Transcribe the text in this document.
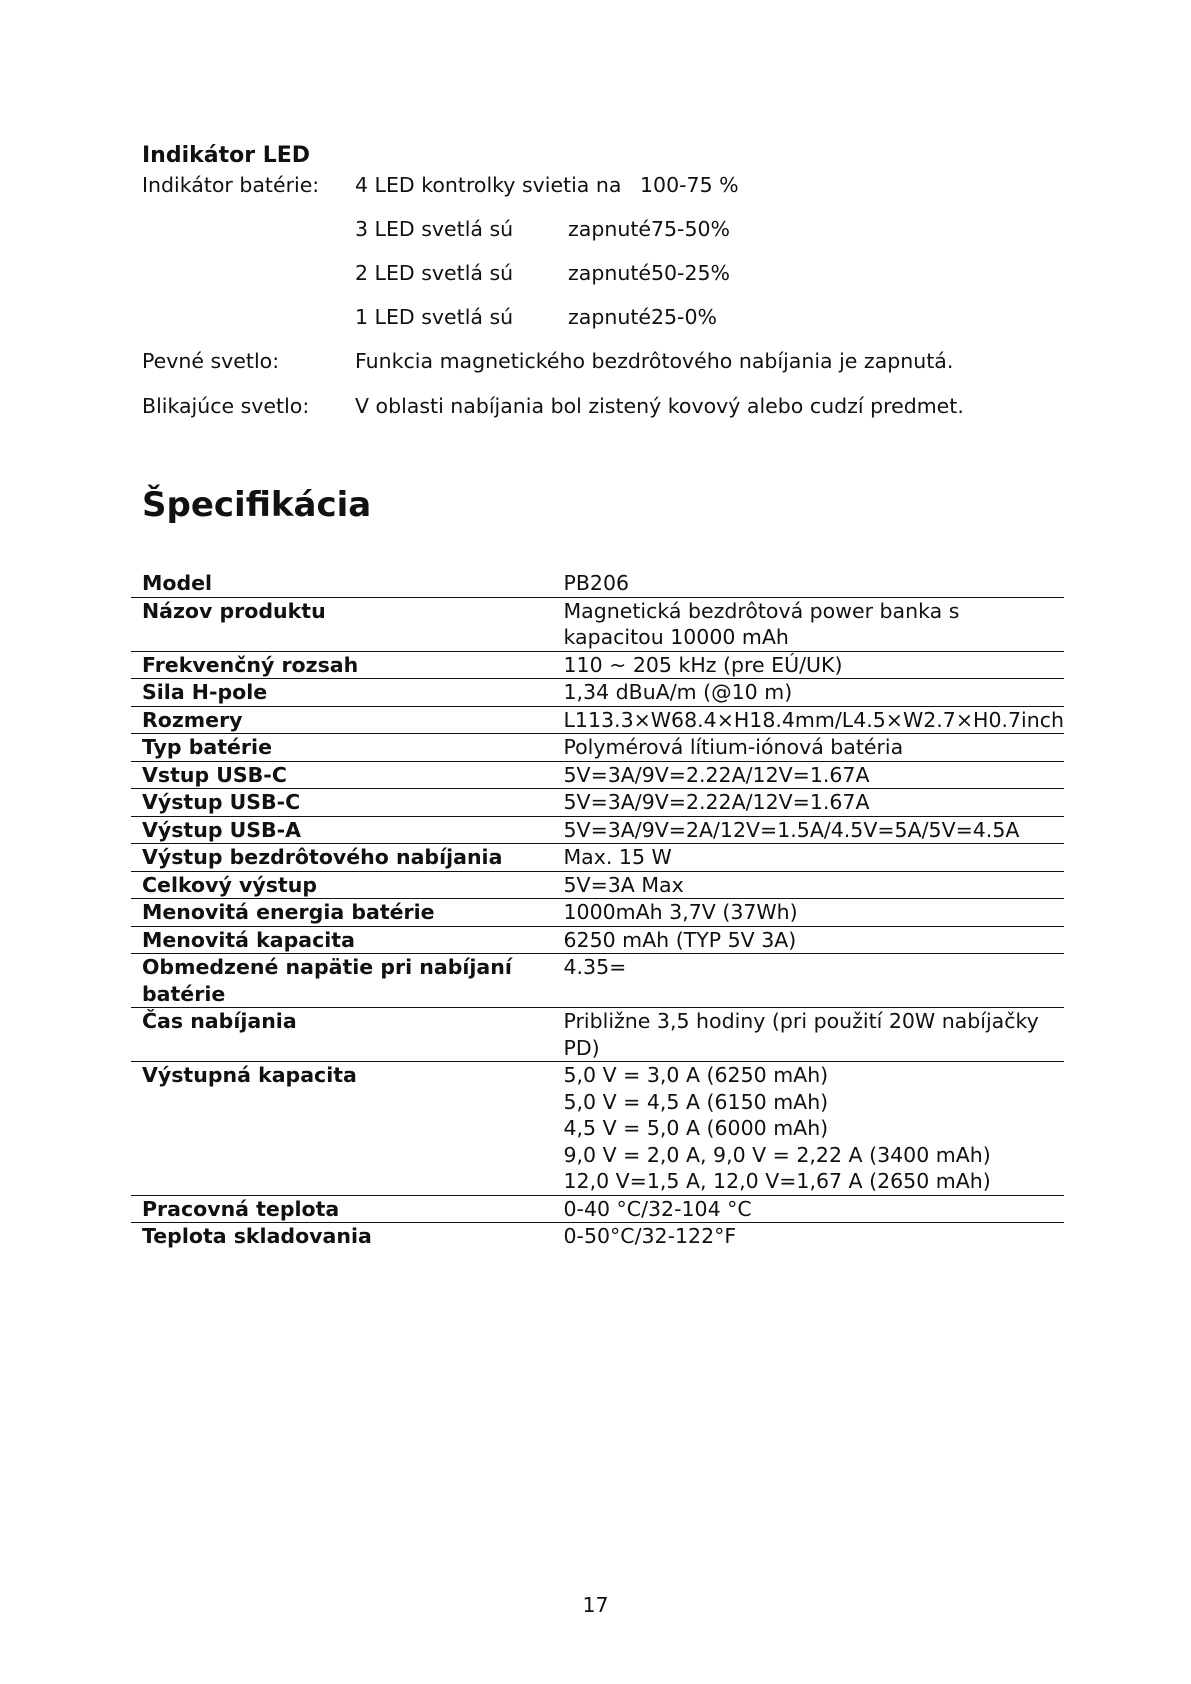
Indikátor LED
Indikátor batérie: 4 LED kontrolky svietia na 100-75 %
3 LED svetlá sú	zapnuté75-50%
2 LED svetlá sú	zapnuté50-25%
1 LED svetlá sú	zapnuté25-0%
Pevné svetlo:	Funkcia magnetického bezdrôtového nabíjania je zapnutá.
Blikajúce svetlo: V oblasti nabíjania bol zistený kovový alebo cudzí predmet.
Špecifikácia
Model	PB206
Názov produktu	Magnetická bezdrôtová power banka s
kapacitou 10000 mAh
Frekvenčný rozsah	110 ~ 205 kHz (pre EÚ/UK)
Sila H-pole	1,34 dBuA/m (@10 m)
Rozmery	L113.3×W68.4×H18.4mm/L4.5×W2.7×H0.7inch
Typ batérie	Polymérová lítium-iónová batéria
Vstup USB-C	5V=3A/9V=2.22A/12V=1.67A
Výstup USB-C	5V=3A/9V=2.22A/12V=1.67A
Výstup USB-A	5V=3A/9V=2A/12V=1.5A/4.5V=5A/5V=4.5A
Výstup bezdrôtového nabíjania	Max. 15 W
Celkový výstup	5V=3A Max
Menovitá energia batérie	1000mAh 3,7V (37Wh)
Menovitá kapacita	6250 mAh (TYP 5V 3A)
Obmedzené napätie pri nabíjaní
batérie	4.35=
Čas nabíjania	Približne 3,5 hodiny (pri použití 20W nabíjačky
PD)
Výstupná kapacita	5,0 V = 3,0 A (6250 mAh)
5,0 V = 4,5 A (6150 mAh)
4,5 V = 5,0 A (6000 mAh)
9,0 V = 2,0 A, 9,0 V = 2,22 A (3400 mAh)
12,0 V=1,5 A, 12,0 V=1,67 A (2650 mAh)
Pracovná teplota	0-40 °C/32-104 °C
Teplota skladovania	0-50°C/32-122°F
17
